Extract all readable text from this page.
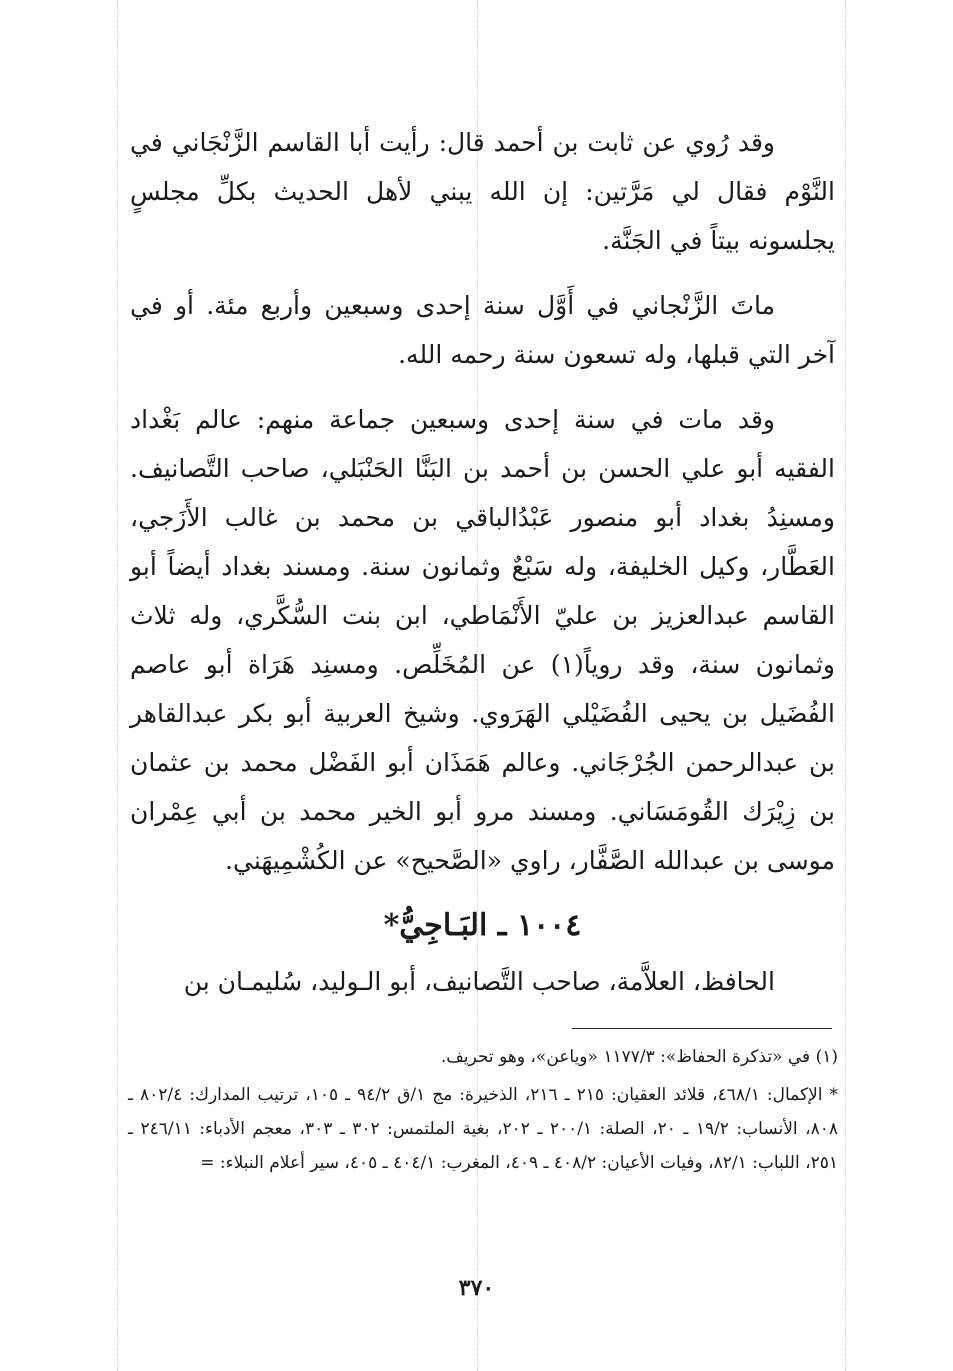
وقد رُوي عن ثابت بن أحمد قال: رأيت أبا القاسم الزَّنْجَاني في النَّوْم فقال لي مَرَّتين: إن الله يبني لأهل الحديث بكلِّ مجلسٍ يجلسونه بيتاً في الجَنَّة.

ماتَ الزَّنْجاني في أَوَّل سنة إحدى وسبعين وأربع مئة. أو في آخر التي قبلها، وله تسعون سنة رحمه الله.

وقد مات في سنة إحدى وسبعين جماعة منهم: عالم بَغْداد الفقيه أبو علي الحسن بن أحمد بن البَنَّا الحَنْبَلي، صاحب التَّصانيف. ومسنِدُ بغداد أبو منصور عَبْدُالباقي بن محمد بن غالب الأَزَجي، العَطَّار، وكيل الخليفة، وله سَبْعٌ وثمانون سنة. ومسند بغداد أيضاً أبو القاسم عبدالعزيز بن عليّ الأَنْمَاطي، ابن بنت السُّكَّري، وله ثلاث وثمانون سنة، وقد روياً(١) عن المُخَلِّص. ومسنِد هَرَاة أبو عاصم الفُضَيل بن يحيى الفُضَيْلي الهَرَوي. وشيخ العربية أبو بكر عبدالقاهر بن عبدالرحمن الجُرْجَاني. وعالم هَمَذَان أبو الفَضْل محمد بن عثمان بن زِيْرَك القُومَسَاني. ومسند مرو أبو الخير محمد بن أبي عِمْران موسى بن عبدالله الصَّفَّار، راوي «الصَّحيح» عن الكُشْمِيهَني.

١٠٠٤ ـ البَـاجِيُّ*

الحافظ، العلاَّمة، صاحب التَّصانيف، أبو الـوليد، سُليمـان بن

(١) في «تذكرة الحفاظ»: ١١٧٧/٣ «وياعن»، وهو تحريف.

* الإكمال: ٤٦٨/١، قلائد العقيان: ٢١٥ ـ ٢١٦، الذخيرة: مج ١/ق ٩٤/٢ ـ ١٠٥، ترتيب المدارك: ٨٠٢/٤ ـ ٨٠٨، الأنساب: ١٩/٢ ـ ٢٠، الصلة: ٢٠٠/١ ـ ٢٠٢، بغية الملتمس: ٣٠٢ ـ ٣٠٣، معجم الأدباء: ٢٤٦/١١ ـ ٢٥١، اللباب: ٨٢/١، وفيات الأعيان: ٤٠٨/٢ ـ ٤٠٩، المغرب: ٤٠٤/١ ـ ٤٠٥، سير أعلام النبلاء: =

٣٧٠
